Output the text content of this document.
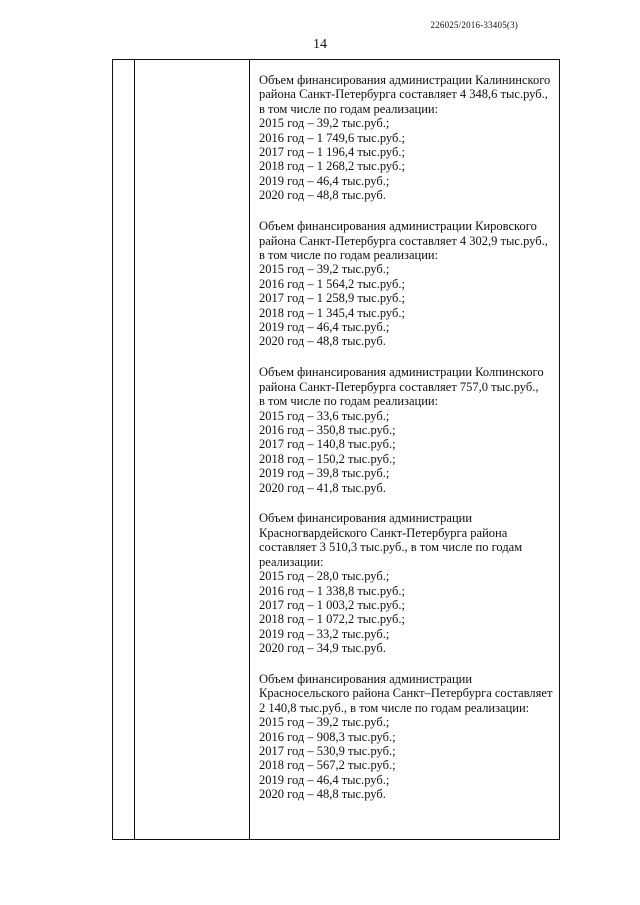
226025/2016-33405(3)
14
Объем финансирования администрации Калининского
района Санкт-Петербурга составляет 4 348,6 тыс.руб.,
в том числе по годам реализации:
2015 год – 39,2 тыс.руб.;
2016 год – 1 749,6 тыс.руб.;
2017 год – 1 196,4 тыс.руб.;
2018 год – 1 268,2 тыс.руб.;
2019 год – 46,4 тыс.руб.;
2020 год – 48,8 тыс.руб.
Объем финансирования администрации Кировского
района Санкт-Петербурга составляет 4 302,9 тыс.руб.,
в том числе по годам реализации:
2015 год – 39,2 тыс.руб.;
2016 год – 1 564,2 тыс.руб.;
2017 год – 1 258,9 тыс.руб.;
2018 год – 1 345,4 тыс.руб.;
2019 год – 46,4 тыс.руб.;
2020 год – 48,8 тыс.руб.
Объем финансирования администрации Колпинского
района Санкт-Петербурга составляет 757,0 тыс.руб.,
в том числе по годам реализации:
2015 год – 33,6 тыс.руб.;
2016 год – 350,8 тыс.руб.;
2017 год – 140,8 тыс.руб.;
2018 год – 150,2 тыс.руб.;
2019 год – 39,8 тыс.руб.;
2020 год – 41,8 тыс.руб.
Объем финансирования администрации
Красногвардейского Санкт-Петербурга района
составляет 3 510,3 тыс.руб., в том числе по годам
реализации:
2015 год – 28,0 тыс.руб.;
2016 год – 1 338,8 тыс.руб.;
2017 год – 1 003,2 тыс.руб.;
2018 год – 1 072,2 тыс.руб.;
2019 год – 33,2 тыс.руб.;
2020 год – 34,9 тыс.руб.
Объем финансирования администрации
Красносельского района Санкт–Петербурга составляет
2 140,8 тыс.руб., в том числе по годам реализации:
2015 год – 39,2 тыс.руб.;
2016 год – 908,3 тыс.руб.;
2017 год – 530,9 тыс.руб.;
2018 год – 567,2 тыс.руб.;
2019 год – 46,4 тыс.руб.;
2020 год – 48,8 тыс.руб.
